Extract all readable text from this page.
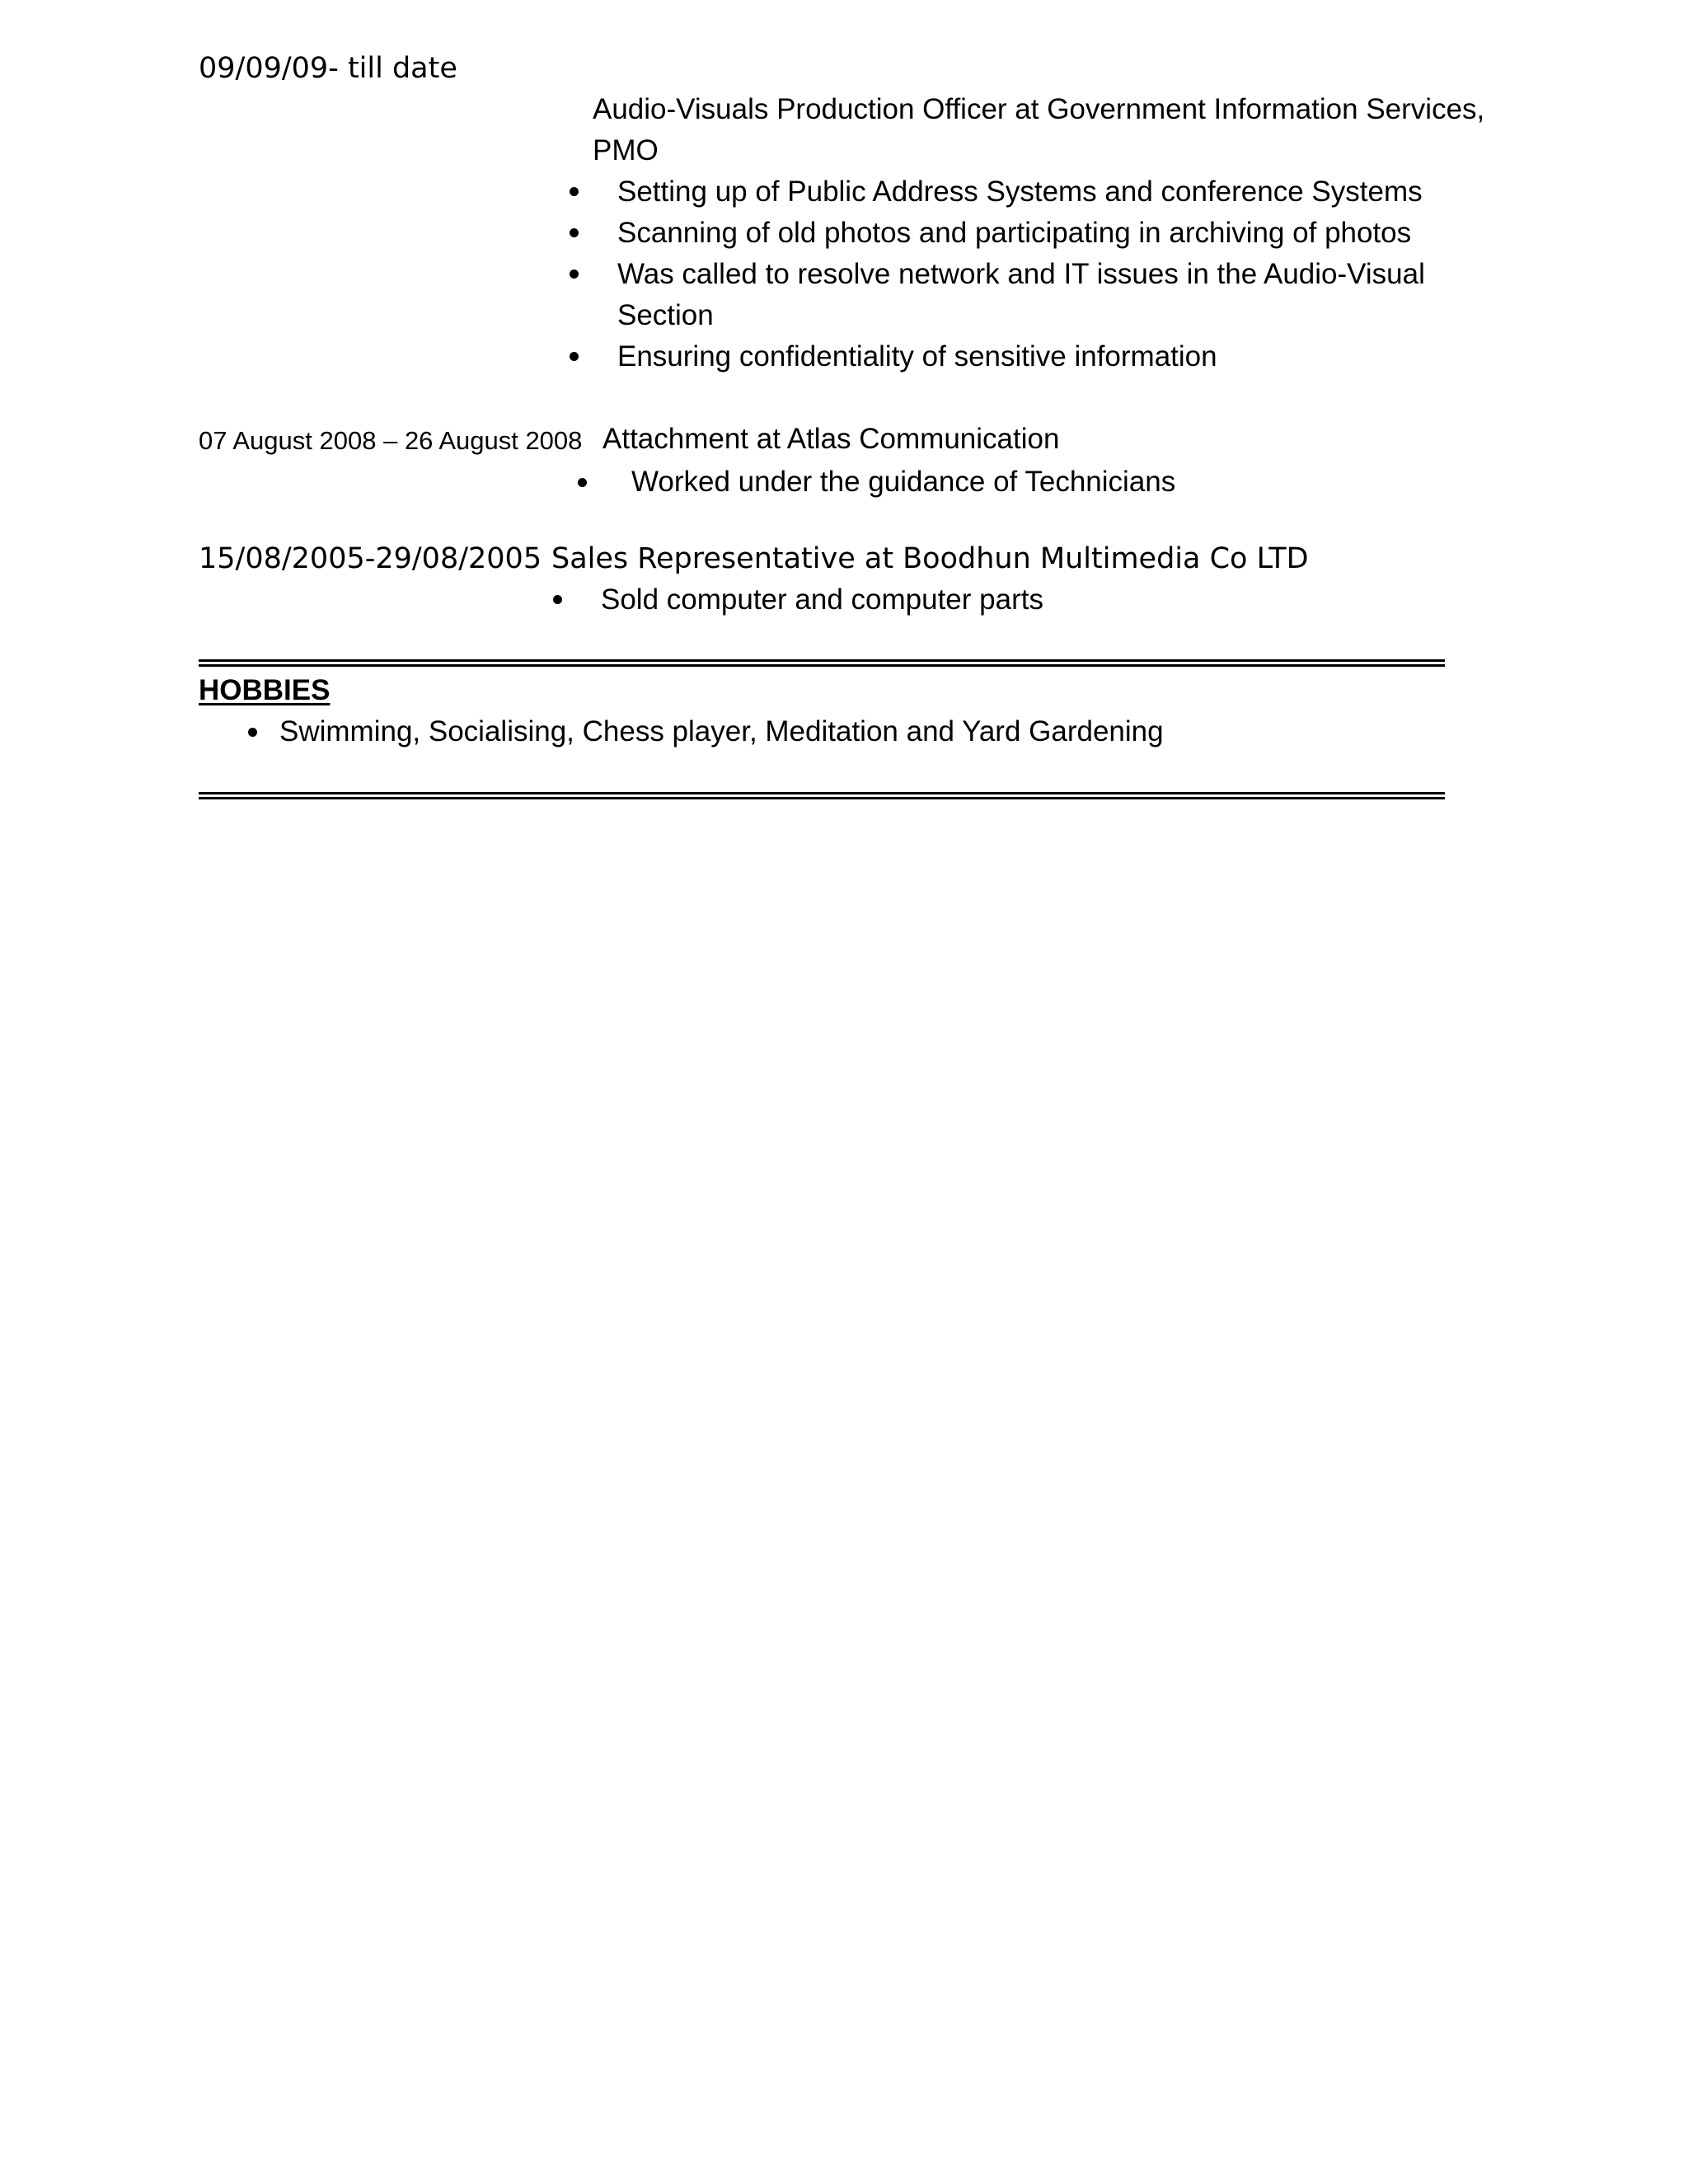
09/09/09- till date
Audio-Visuals Production Officer at Government Information Services,
PMO
Setting up of Public Address Systems and conference Systems
Scanning of old photos and participating in archiving of photos
Was called to resolve network and IT issues in the Audio-Visual
Section
Ensuring confidentiality of sensitive information
07 August 2008 – 26 August 2008 Attachment at Atlas Communication
Worked under the guidance of Technicians
15/08/2005-29/08/2005 Sales Representative at Boodhun Multimedia Co LTD
Sold computer and computer parts
HOBBIES
Swimming, Socialising, Chess player, Meditation and Yard Gardening
